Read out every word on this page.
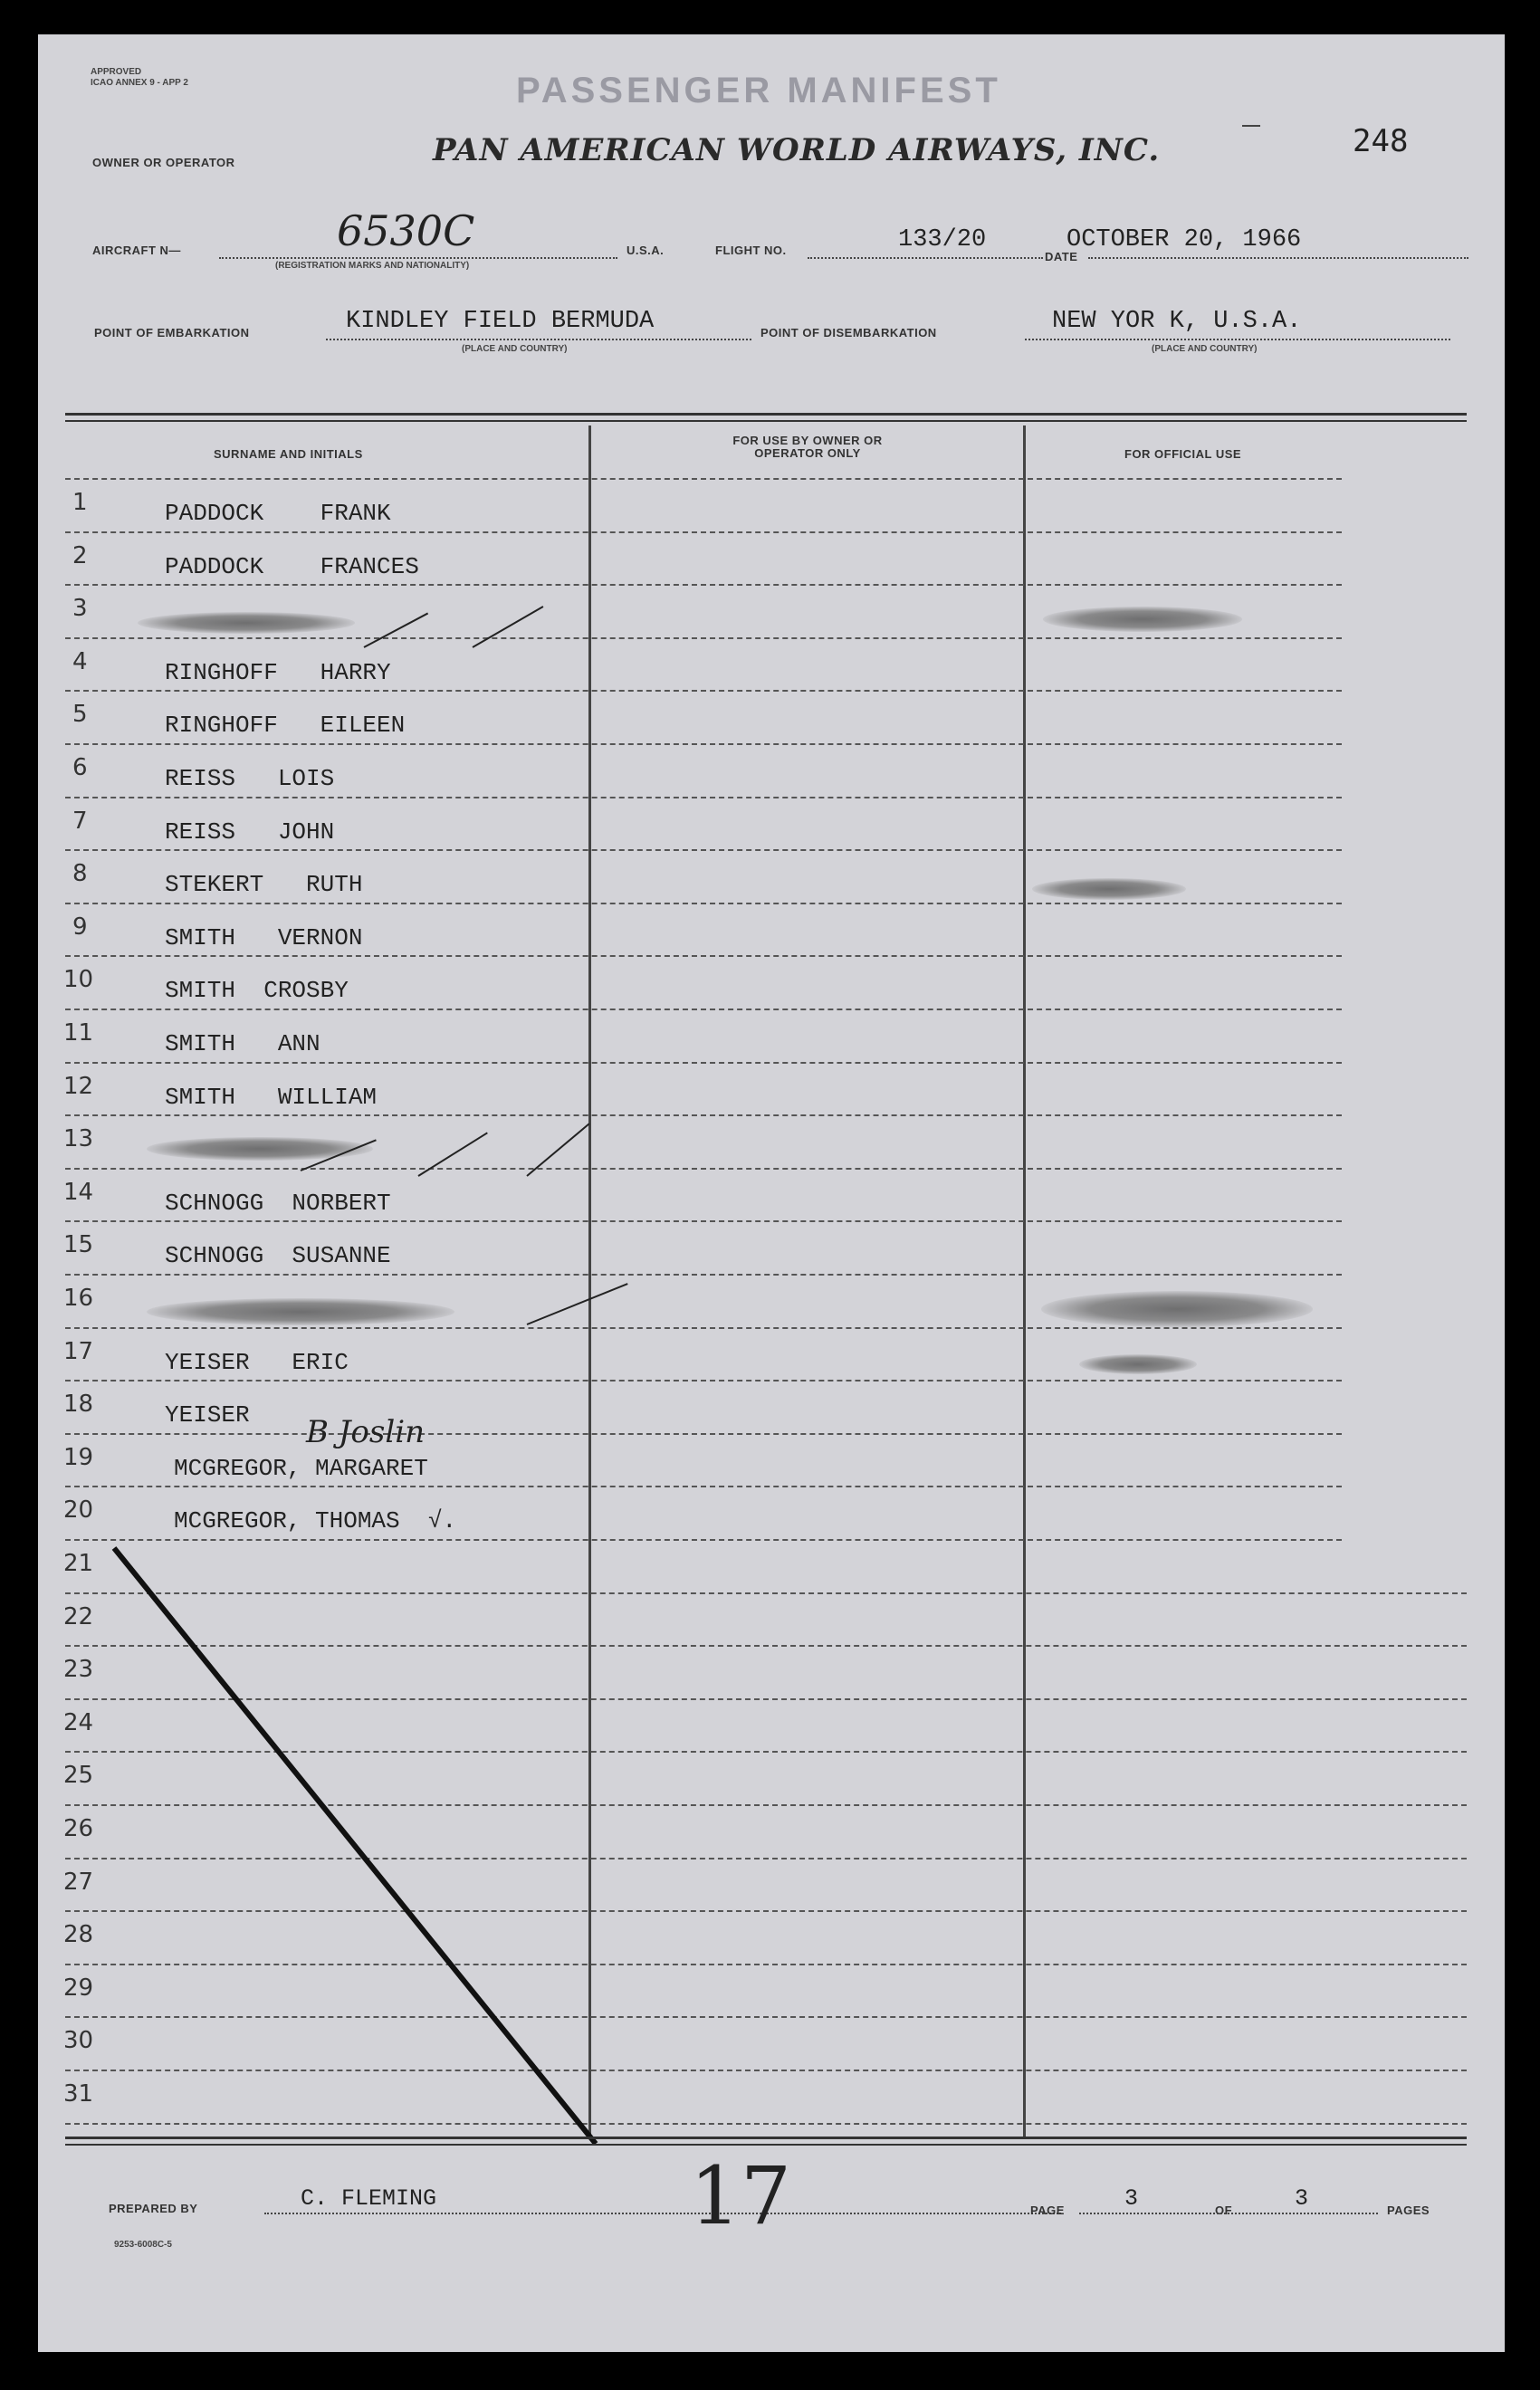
APPROVED
ICAO ANNEX 9 - APP 2	PASSENGER MANIFEST
OWNER OR OPERATOR	PAN AMERICAN WORLD AIRWAYS, INC.	248
AIRCRAFT N—	6530C
(REGISTRATION MARKS AND NATIONALITY)
U.S.A.	FLIGHT NO.	133/20
DATE
OCTOBER 20, 1966
POINT OF EMBARKATION	KINDLEY FIELD BERMUDA
(PLACE AND COUNTRY)
POINT OF DISEMBARKATION	NEW YOR K, U.S.A.
(PLACE AND COUNTRY)
SURNAME AND INITIALS
FOR USE BY OWNER OR OPERATOR ONLY	FOR OFFICIAL USE
1	PADDOCK    FRANK
2	PADDOCK    FRANCES
3
4	RINGHOFF   HARRY
5	RINGHOFF   EILEEN
6	REISS   LOIS
7	REISS   JOHN
8	STEKERT   RUTH
9	SMITH   VERNON
10	SMITH  CROSBY
11	SMITH   ANN
12	SMITH   WILLIAM
13
14	SCHNOGG  NORBERT
15	SCHNOGG  SUSANNE
16
17	YEISER   ERIC
18	YEISER
19	MCGREGOR, MARGARET
20	MCGREGOR, THOMAS  √.
21
22
23
24
25
26
27
28
29
30
31
B Joslin
PREPARED BY	C. FLEMING	17	PAGE	3	OF	3	PAGES
9253-6008C-5
